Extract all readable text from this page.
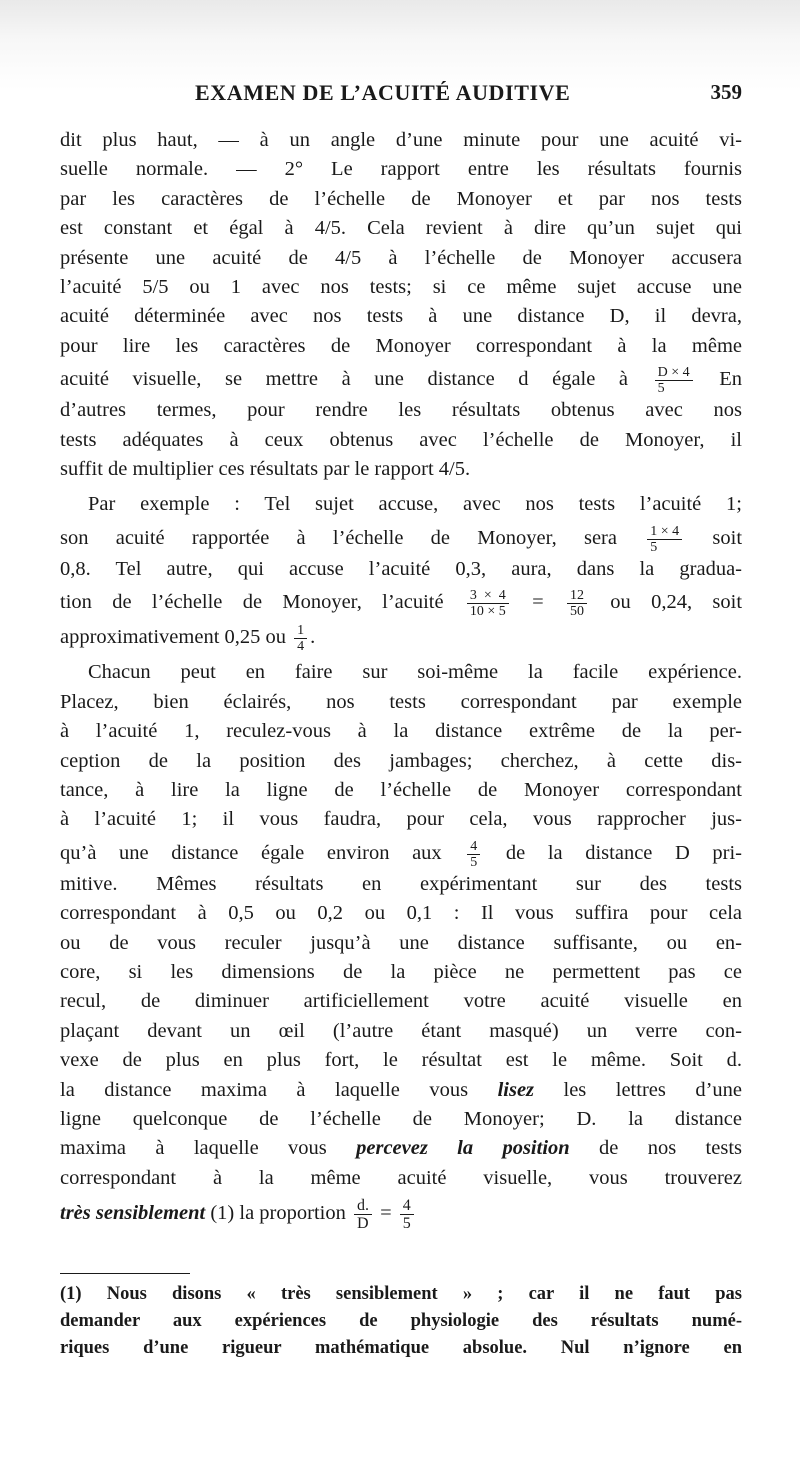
EXAMEN DE L’ACUITÉ AUDITIVE	359

dit plus haut, — à un angle d’une minute pour une acuité vi-
suelle normale. — 2° Le rapport entre les résultats fournis
par les caractères de l’échelle de Monoyer et par nos tests
est constant et égal à 4/5. Cela revient à dire qu’un sujet qui
présente une acuité de 4/5 à l’échelle de Monoyer accusera
l’acuité 5/5 ou 1 avec nos tests; si ce même sujet accuse une
acuité déterminée avec nos tests à une distance D, il devra,
pour lire les caractères de Monoyer correspondant à la même
acuité visuelle, se mettre à une distance d égale à $\frac{D \times 4}{5}$ En
d’autres termes, pour rendre les résultats obtenus avec nos
tests adéquates à ceux obtenus avec l’échelle de Monoyer, il
suffit de multiplier ces résultats par le rapport 4/5.

Par exemple : Tel sujet accuse, avec nos tests l’acuité 1;
son acuité rapportée à l’échelle de Monoyer, sera $\frac{1 \times 4}{5}$ soit
0,8. Tel autre, qui accuse l’acuité 0,3, aura, dans la gradua-
tion de l’échelle de Monoyer, l’acuité $\frac{3 \times 4}{10 \times 5} = \frac{12}{50}$ ou 0,24, soit
approximativement 0,25 ou $\frac{1}{4}$ .

Chacun peut en faire sur soi-même la facile expérience.
Placez, bien éclairés, nos tests correspondant par exemple
à l’acuité 1, reculez-vous à la distance extrême de la per-
ception de la position des jambages; cherchez, à cette dis-
tance, à lire la ligne de l’échelle de Monoyer correspondant
à l’acuité 1; il vous faudra, pour cela, vous rapprocher jus-
qu’à une distance égale environ aux $\frac{4}{5}$ de la distance D pri-
mitive. Mêmes résultats en expérimentant sur des tests
correspondant à 0,5 ou 0,2 ou 0,1 : Il vous suffira pour cela
ou de vous reculer jusqu’à une distance suffisante, ou en-
core, si les dimensions de la pièce ne permettent pas ce
recul, de diminuer artificiellement votre acuité visuelle en
plaçant devant un œil (l’autre étant masqué) un verre con-
vexe de plus en plus fort, le résultat est le même. Soit d.
la distance maxima à laquelle vous lisez les lettres d’une
ligne quelconque de l’échelle de Monoyer; D. la distance
maxima à laquelle vous percevez la position de nos tests
correspondant à la même acuité visuelle, vous trouverez
très sensiblement (1) la proportion $\frac{d.}{D} = \frac{4}{5}$

(1) Nous disons « très sensiblement » ; car il ne faut pas
demander aux expériences de physiologie des résultats numé-
riques d’une rigueur mathématique absolue. Nul n’ignore en
